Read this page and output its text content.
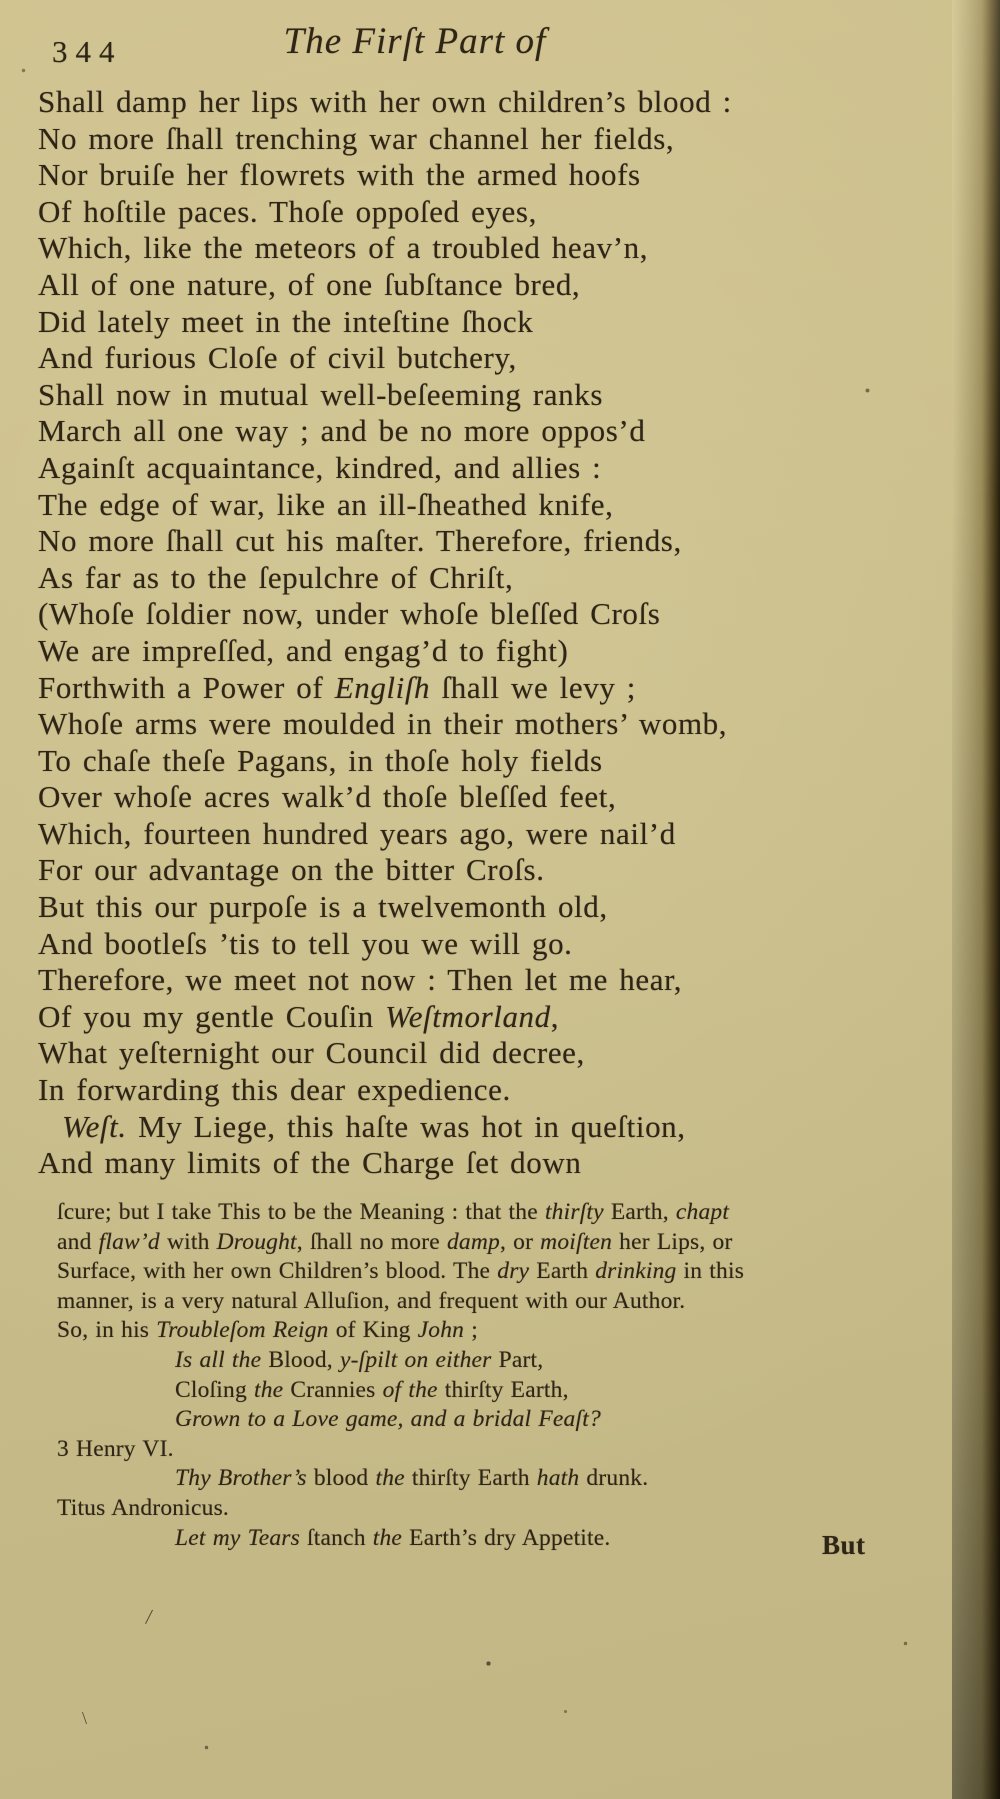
344	The Firſt Part of
Shall damp her lips with her own children’s blood :
No more ſhall trenching war channel her fields,
Nor bruiſe her flowrets with the armed hoofs
Of hoſtile paces. Thoſe oppoſed eyes,
Which, like the meteors of a troubled heav’n,
All of one nature, of one ſubſtance bred,
Did lately meet in the inteſtine ſhock
And furious Cloſe of civil butchery,
Shall now in mutual well-beſeeming ranks
March all one way ; and be no more oppos’d
Againſt acquaintance, kindred, and allies :
The edge of war, like an ill-ſheathed knife,
No more ſhall cut his maſter. Therefore, friends,
As far as to the ſepulchre of Chriſt,
(Whoſe ſoldier now, under whoſe bleſſed Croſs
We are impreſſed, and engag’d to fight)
Forthwith a Power of Engliſh ſhall we levy ;
Whoſe arms were moulded in their mothers’ womb,
To chaſe theſe Pagans, in thoſe holy fields
Over whoſe acres walk’d thoſe bleſſed feet,
Which, fourteen hundred years ago, were nail’d
For our advantage on the bitter Croſs.
But this our purpoſe is a twelvemonth old,
And bootleſs ’tis to tell you we will go.
Therefore, we meet not now : Then let me hear,
Of you my gentle Couſin Weſtmorland,
What yeſternight our Council did decree,
In forwarding this dear expedience.
Weſt. My Liege, this haſte was hot in queſtion,
And many limits of the Charge ſet down
ſcure; but I take This to be the Meaning : that the thirſty Earth, chapt
and flaw’d with Drought, ſhall no more damp, or moiſten her Lips, or
Surface, with her own Children’s blood. The dry Earth drinking in this
manner, is a very natural Alluſion, and frequent with our Author.
So, in his Troubleſom Reign of King John ;
Is all the Blood, y-ſpilt on either Part,
Cloſing the Crannies of the thirſty Earth,
Grown to a Love game, and a bridal Feaſt?
3 Henry VI.
Thy Brother’s blood the thirſty Earth hath drunk.
Titus Andronicus.
Let my Tears ſtanch the Earth’s dry Appetite.	But
/
\
